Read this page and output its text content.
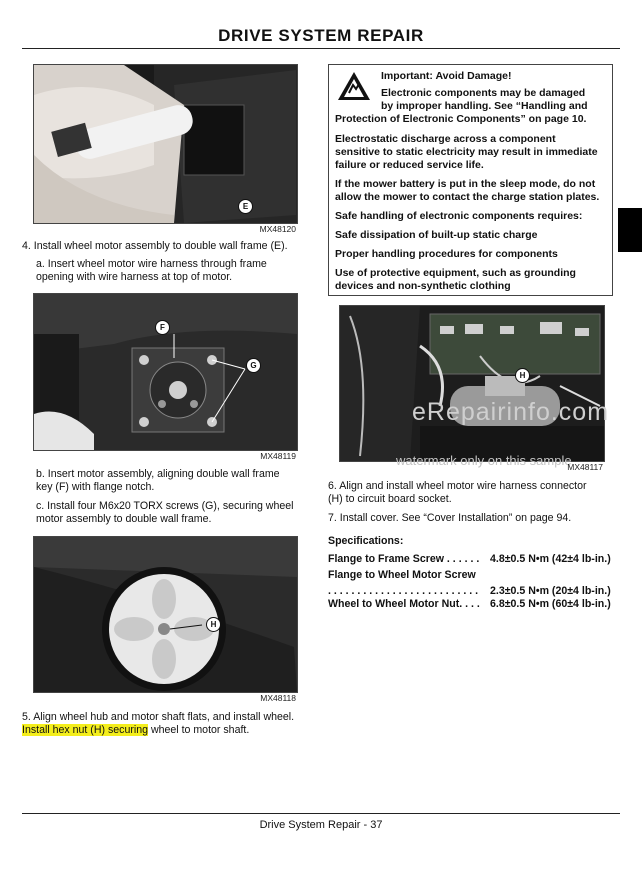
DRIVE SYSTEM REPAIR
E
MX48120
4. Install wheel motor assembly to double wall frame (E).
a. Insert wheel motor wire harness through frame
opening with wire harness at top of motor.
F
G
MX48119
b. Insert motor assembly, aligning double wall frame
key (F) with flange notch.
c. Install four M6x20 TORX screws (G), securing wheel
motor assembly to double wall frame.
H
MX48118
5. Align wheel hub and motor shaft flats, and install wheel.
Install hex nut (H) securing wheel to motor shaft.

Important: Avoid Damage!

Electronic components may be damaged

by improper handling. See “Handling and

Protection of Electronic Components” on page 10.

Electrostatic discharge across a component

sensitive to static electricity may result in immediate

failure or reduced service life.

If the mower battery is put in the sleep mode, do not

allow the mower to contact the charge station plates.

Safe handling of electronic components requires:

Safe dissipation of built-up static charge

Proper handling procedures for components

Use of protective equipment, such as grounding

devices and non-synthetic clothing

H
eRepairinfo.com
watermark only on this sample
MX48117
6. Align and install wheel motor wire harness connector
(H) to circuit board socket.
7. Install cover. See “Cover Installation” on page 94.
Specifications:
Flange to Frame Screw . . . . . . 4.8±0.5 N•m (42±4 lb-in.)
Flange to Wheel Motor Screw
. . . . . . . . . . . . . . . . . . . . . . . . . . 2.3±0.5 N•m (20±4 lb-in.)
Wheel to Wheel Motor Nut. . . . 6.8±0.5 N•m (60±4 lb-in.)
Drive System Repair - 37
